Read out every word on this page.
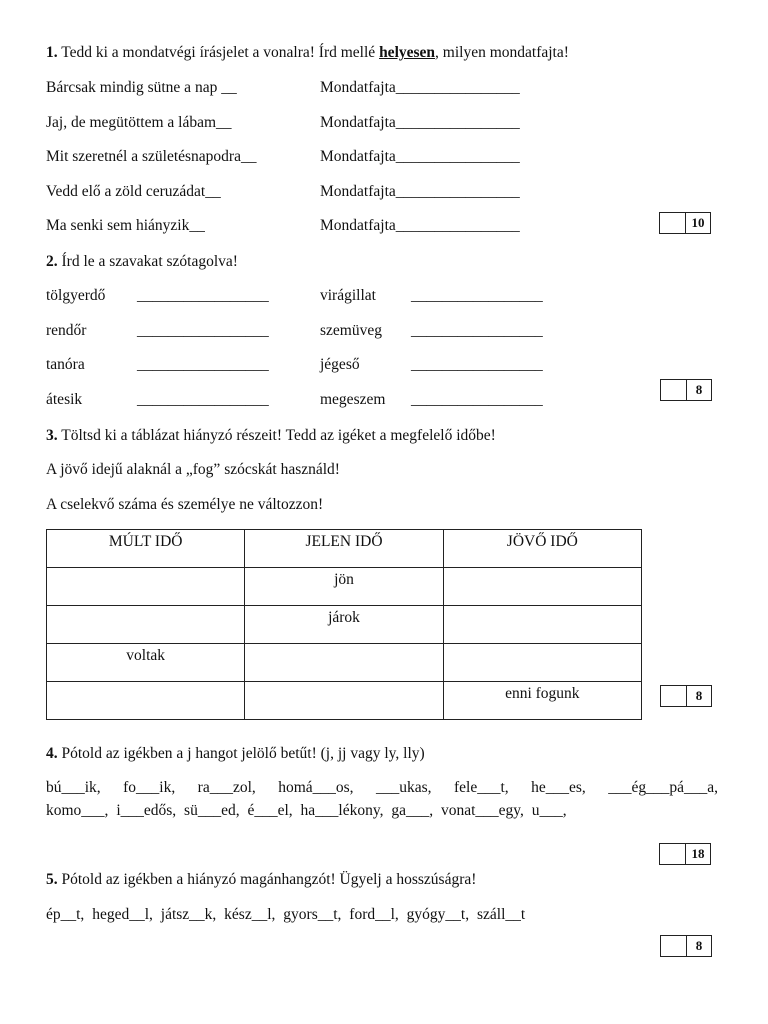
1. Tedd ki a mondatvégi írásjelet a vonalra! Írd mellé helyesen, milyen mondatfajta!
Bárcsak mindig sütne a nap __	Mondatfajta________________
Jaj, de megütöttem a lábam__	Mondatfajta________________
Mit szeretnél a születésnapodra__	Mondatfajta________________
Vedd elő a zöld ceruzádat__	Mondatfajta________________
Ma senki sem hiányzik__	Mondatfajta________________	10
2. Írd le a szavakat szótagolva!
tölgyerdő _________________	virágillat _________________
rendőr	_________________	szemüveg _________________
tanóra	_________________	jégeső	_________________
átesik	_________________	megeszem _________________
8
3. Töltsd ki a táblázat hiányzó részeit! Tedd az igéket a megfelelő időbe!
A jövő idejű alaknál a „fog” szócskát használd!
A cselekvő száma és személye ne változzon!
MÚLT IDŐ	JELEN IDŐ	JÖVŐ IDŐ
	jön	
	járok	
voltak		
		enni fogunk	8
4. Pótold az igékben a j hangot jelölő betűt! (j, jj vagy ly, lly)
bú___ik, fo___ik, ra___zol, homá___os, ___ukas, fele___t, he___es, ___ég___pá___a,
komo___, i___edős, sü___ed, é___el, ha___lékony, ga___, vonat___egy, u___,
18
5. Pótold az igékben a hiányzó magánhangzót! Ügyelj a hosszúságra!
ép__t, heged__l, játsz__k, kész__l, gyors__t, ford__l, gyógy__t, száll__t
8
